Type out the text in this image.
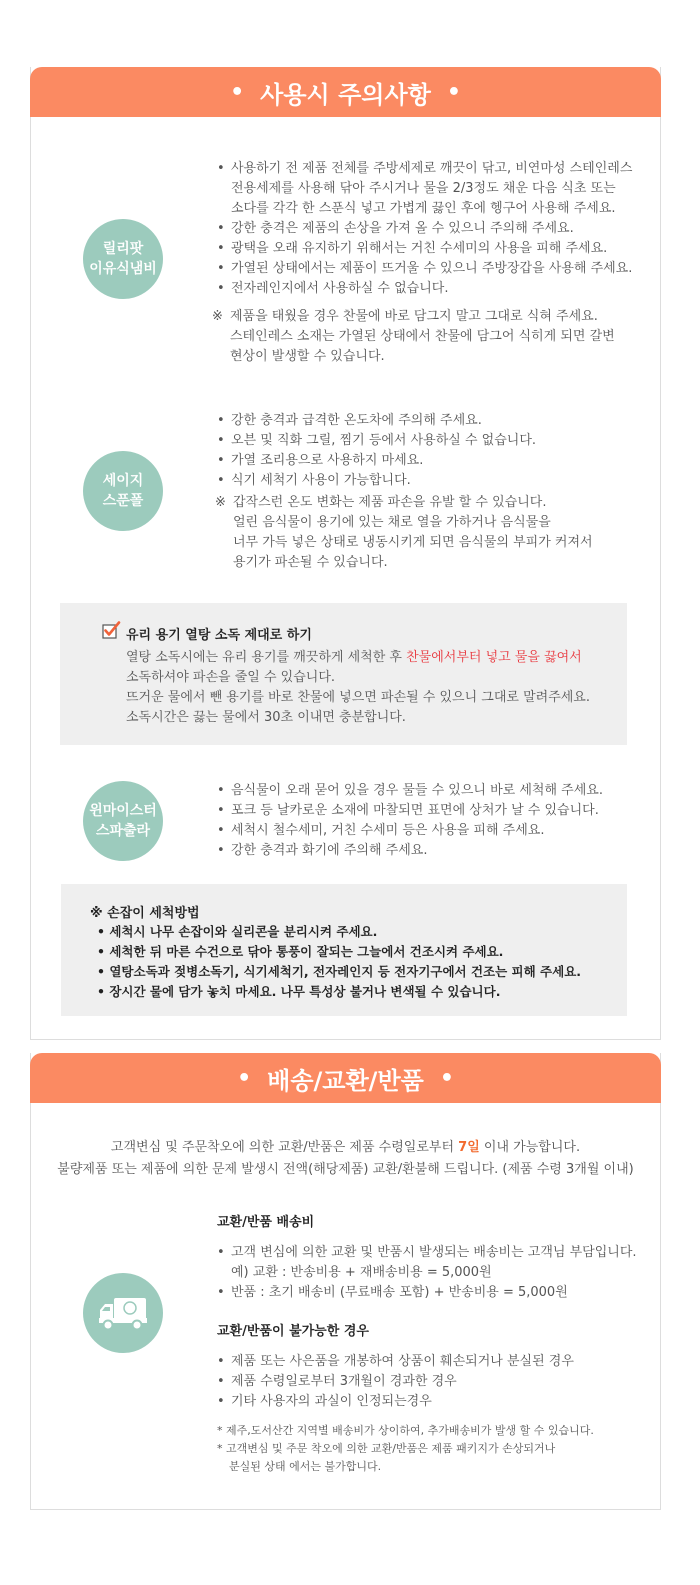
• 사용시 주의사항 •
릴리팟
이유식냄비
• 사용하기 전 제품 전체를 주방세제로 깨끗이 닦고, 비연마성 스테인레스
전용세제를 사용해 닦아 주시거나 물을 2/3정도 채운 다음 식초 또는
소다를 각각 한 스푼식 넣고 가볍게 끓인 후에 헹구어 사용해 주세요.
• 강한 충격은 제품의 손상을 가져 올 수 있으니 주의해 주세요.
• 광택을 오래 유지하기 위해서는 거친 수세미의 사용을 피해 주세요.
• 가열된 상태에서는 제품이 뜨거울 수 있으니 주방장갑을 사용해 주세요.
• 전자레인지에서 사용하실 수 없습니다.
※ 제품을 태웠을 경우 찬물에 바로 담그지 말고 그대로 식혀 주세요.
스테인레스 소재는 가열된 상태에서 찬물에 담그어 식히게 되면 갈변
현상이 발생할 수 있습니다.
세이지
스푼폴
• 강한 충격과 급격한 온도차에 주의해 주세요.
• 오븐 및 직화 그릴, 찜기 등에서 사용하실 수 없습니다.
• 가열 조리용으로 사용하지 마세요.
• 식기 세척기 사용이 가능합니다.
※ 갑작스런 온도 변화는 제품 파손을 유발 할 수 있습니다.
얼린 음식물이 용기에 있는 채로 열을 가하거나 음식물을
너무 가득 넣은 상태로 냉동시키게 되면 음식물의 부피가 커져서
용기가 파손될 수 있습니다.
유리 용기 열탕 소독 제대로 하기
열탕 소독시에는 유리 용기를 깨끗하게 세척한 후 찬물에서부터 넣고 물을 끓여서
소독하셔야 파손을 줄일 수 있습니다.
뜨거운 물에서 뺀 용기를 바로 찬물에 넣으면 파손될 수 있으니 그대로 말려주세요.
소독시간은 끓는 물에서 30초 이내면 충분합니다.
윈마이스터
스파출라
• 음식물이 오래 묻어 있을 경우 물들 수 있으니 바로 세척해 주세요.
• 포크 등 날카로운 소재에 마찰되면 표면에 상처가 날 수 있습니다.
• 세척시 철수세미, 거친 수세미 등은 사용을 피해 주세요.
• 강한 충격과 화기에 주의해 주세요.
※ 손잡이 세척방법
• 세척시 나무 손잡이와 실리콘을 분리시켜 주세요.
• 세척한 뒤 마른 수건으로 닦아 통풍이 잘되는 그늘에서 건조시켜 주세요.
• 열탕소독과 젖병소독기, 식기세척기, 전자레인지 등 전자기구에서 건조는 피해 주세요.
• 장시간 물에 담가 놓치 마세요. 나무 특성상 불거나 변색될 수 있습니다.
• 배송/교환/반품 •
고객변심 및 주문착오에 의한 교환/반품은 제품 수령일로부터 7일 이내 가능합니다.
불량제품 또는 제품에 의한 문제 발생시 전액(해당제품) 교환/환불해 드립니다. (제품 수령 3개월 이내)
교환/반품 배송비
• 고객 변심에 의한 교환 및 반품시 발생되는 배송비는 고객님 부담입니다.
예) 교환 : 반송비용 + 재배송비용 = 5,000원
• 반품 : 초기 배송비 (무료배송 포함) + 반송비용 = 5,000원
교환/반품이 불가능한 경우
• 제품 또는 사은품을 개봉하여 상품이 훼손되거나 분실된 경우
• 제품 수령일로부터 3개월이 경과한 경우
• 기타 사용자의 과실이 인정되는경우
* 제주,도서산간 지역별 배송비가 상이하여, 추가배송비가 발생 할 수 있습니다.
* 고객변심 및 주문 착오에 의한 교환/반품은 제품 패키지가 손상되거나
분실된 상태 에서는 불가합니다.
